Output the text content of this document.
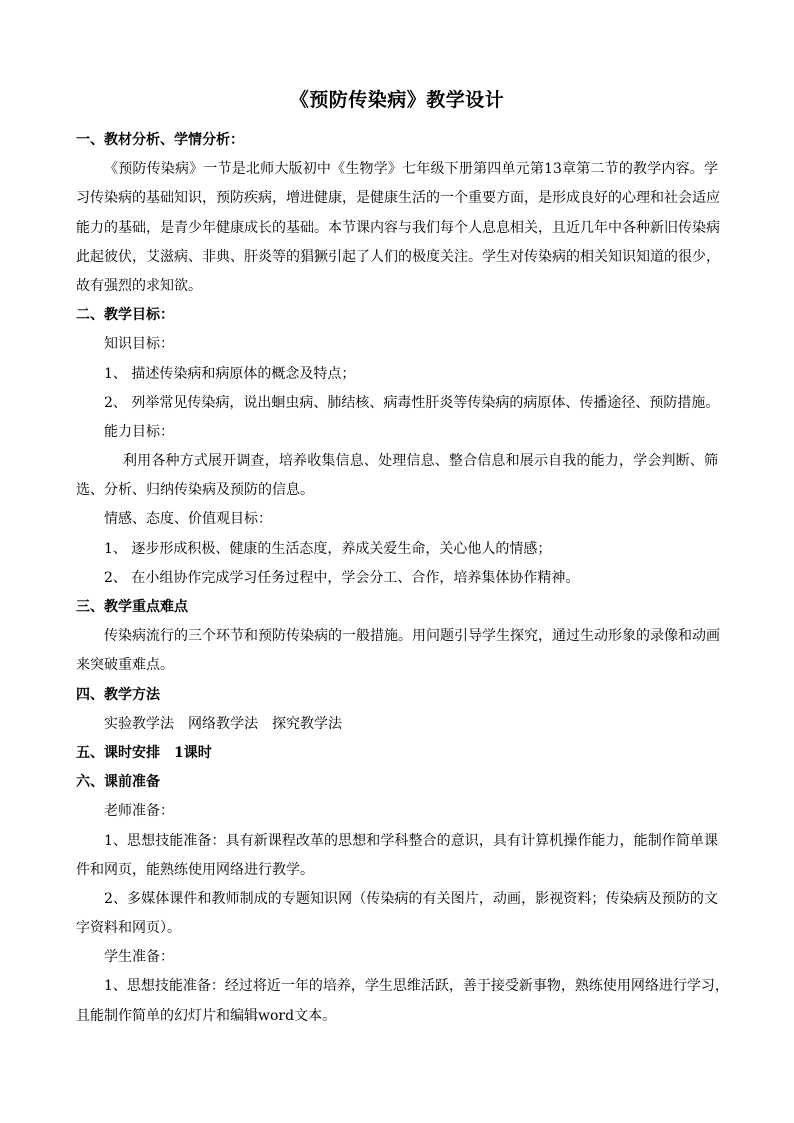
《预防传染病》教学设计
一、教材分析、学情分析：
《预防传染病》一节是北师大版初中《生物学》七年级下册第四单元第13章第二节的教学内容。学
习传染病的基础知识，预防疾病，增进健康，是健康生活的一个重要方面，是形成良好的心理和社会适应
能力的基础，是青少年健康成长的基础。本节课内容与我们每个人息息相关，且近几年中各种新旧传染病
此起彼伏，艾滋病、非典、肝炎等的猖獗引起了人们的极度关注。学生对传染病的相关知识知道的很少，
故有强烈的求知欲。
二、教学目标：
知识目标：
1、 描述传染病和病原体的概念及特点；
2、 列举常见传染病，说出蛔虫病、肺结核、病毒性肝炎等传染病的病原体、传播途径、预防措施。
能力目标：
利用各种方式展开调查，培养收集信息、处理信息、整合信息和展示自我的能力，学会判断、筛
选、分析、归纳传染病及预防的信息。
情感、态度、价值观目标：
1、 逐步形成积极、健康的生活态度，养成关爱生命，关心他人的情感；
2、 在小组协作完成学习任务过程中，学会分工、合作，培养集体协作精神。
三、教学重点难点
传染病流行的三个环节和预防传染病的一般措施。用问题引导学生探究，通过生动形象的录像和动画
来突破重难点。
四、教学方法
实验教学法　网络教学法　探究教学法
五、课时安排　1课时
六、课前准备
老师准备：
1、思想技能准备：具有新课程改革的思想和学科整合的意识，具有计算机操作能力，能制作简单课
件和网页，能熟练使用网络进行教学。
2、多媒体课件和教师制成的专题知识网（传染病的有关图片，动画，影视资料；传染病及预防的文
字资料和网页）。
学生准备：
1、思想技能准备：经过将近一年的培养，学生思维活跃，善于接受新事物，熟练使用网络进行学习，
且能制作简单的幻灯片和编辑word文本。
